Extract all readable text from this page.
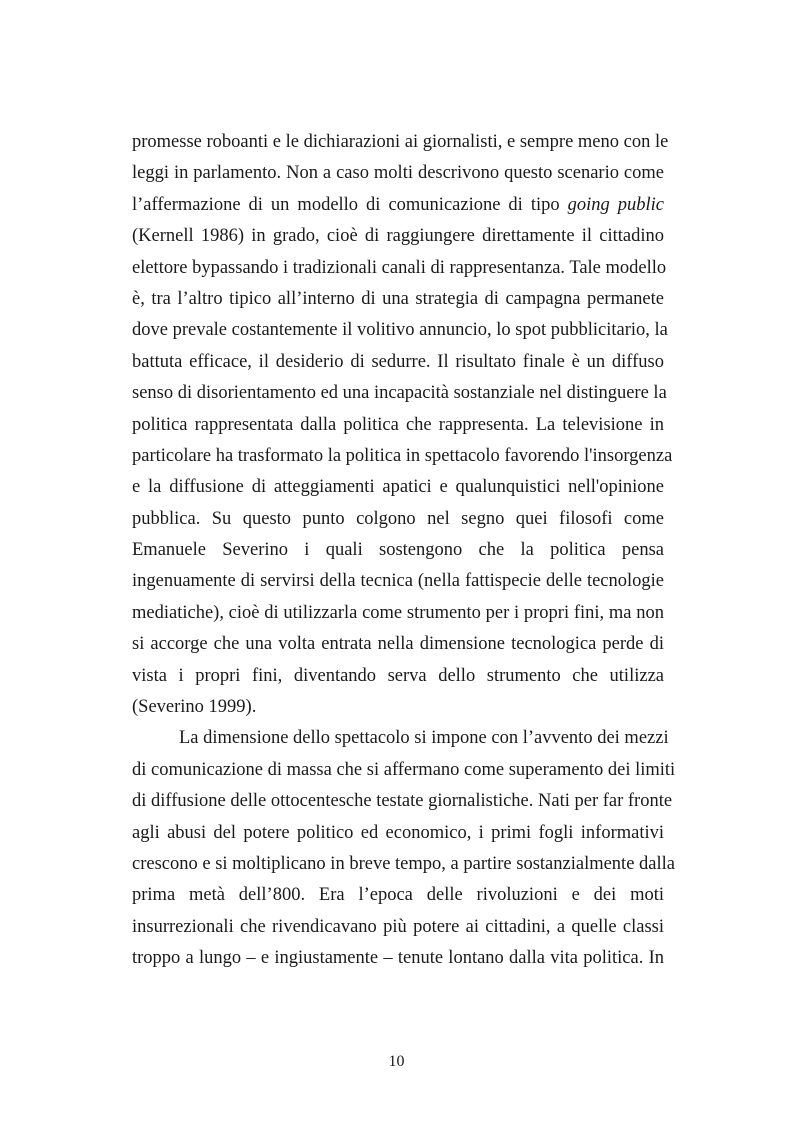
promesse roboanti e le dichiarazioni ai giornalisti, e sempre meno con le
leggi in parlamento. Non a caso molti descrivono questo scenario come
l’affermazione di un modello di comunicazione di tipo going public
(Kernell 1986) in grado, cioè di raggiungere direttamente il cittadino
elettore bypassando i tradizionali canali di rappresentanza. Tale modello
è, tra l’altro tipico all’interno di una strategia di campagna permanete
dove prevale costantemente il volitivo annuncio, lo spot pubblicitario, la
battuta efficace, il desiderio di sedurre. Il risultato finale è un diffuso
senso di disorientamento ed una incapacità sostanziale nel distinguere la
politica rappresentata dalla politica che rappresenta. La televisione in
particolare ha trasformato la politica in spettacolo favorendo l'insorgenza
e la diffusione di atteggiamenti apatici e qualunquistici nell'opinione
pubblica. Su questo punto colgono nel segno quei filosofi come
Emanuele Severino i quali sostengono che la politica pensa
ingenuamente di servirsi della tecnica (nella fattispecie delle tecnologie
mediatiche), cioè di utilizzarla come strumento per i propri fini, ma non
si accorge che una volta entrata nella dimensione tecnologica perde di
vista i propri fini, diventando serva dello strumento che utilizza
(Severino 1999).
La dimensione dello spettacolo si impone con l’avvento dei mezzi
di comunicazione di massa che si affermano come superamento dei limiti
di diffusione delle ottocentesche testate giornalistiche. Nati per far fronte
agli abusi del potere politico ed economico, i primi fogli informativi
crescono e si moltiplicano in breve tempo, a partire sostanzialmente dalla
prima metà dell’800. Era l’epoca delle rivoluzioni e dei moti
insurrezionali che rivendicavano più potere ai cittadini, a quelle classi
troppo a lungo – e ingiustamente – tenute lontano dalla vita politica. In
10
